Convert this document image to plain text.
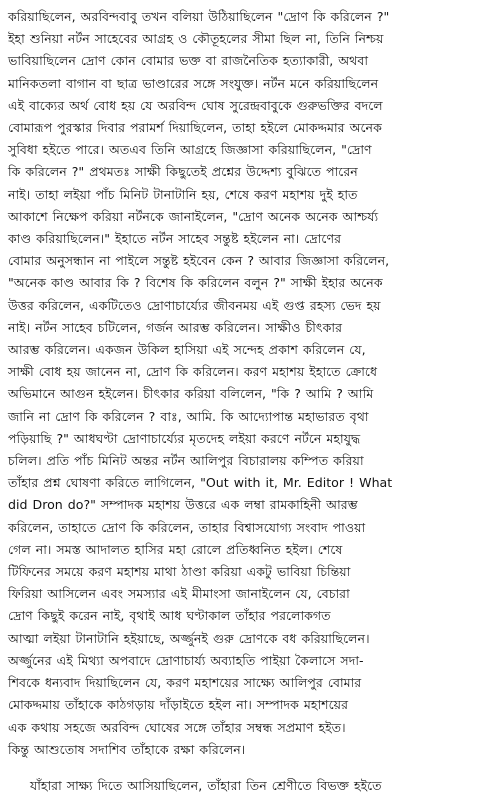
করিয়াছিলেন, অরবিন্দবাবু তখন বলিয়া উঠিয়াছিলেন "দ্রোণ কি করিলেন ?"
ইহা শুনিয়া নর্টন সাহেবের আগ্রহ ও কৌতূহলের সীমা ছিল না, তিনি নিশ্চয়
ভাবিয়াছিলেন দ্রোণ কোন বোমার ভক্ত বা রাজনৈতিক হত্যাকারী, অথবা
মানিকতলা বাগান বা ছাত্র ভাণ্ডারের সঙ্গে সংযুক্ত। নর্টন মনে করিয়াছিলেন
এই বাক্যের অর্থ বোধ হয় যে অরবিন্দ ঘোষ সুরেন্দ্রবাবুকে গুরুভক্তির বদলে
বোমারূপ পুরস্কার দিবার পরামর্শ দিয়াছিলেন, তাহা হইলে মোকদ্দমার অনেক
সুবিধা হইতে পারে। অতএব তিনি আগ্রহে জিজ্ঞাসা করিয়াছিলেন, "দ্রোণ
কি করিলেন ?" প্রথমতঃ সাক্ষী কিছুতেই প্রশ্নের উদ্দেশ্য বুঝিতে পারেন
নাই। তাহা লইয়া পাঁচ মিনিট টানাটানি হয়, শেষে করণ মহাশয় দুই হাত
আকাশে নিক্ষেপ করিয়া নর্টনকে জানাইলেন, "দ্রোণ অনেক অনেক আশ্চর্য্য
কাণ্ড করিয়াছিলেন।" ইহাতে নর্টন সাহেব সন্তুষ্ট হইলেন না। দ্রোণের
বোমার অনুসন্ধান না পাইলে সন্তুষ্ট হইবেন কেন ? আবার জিজ্ঞাসা করিলেন,
"অনেক কাণ্ড আবার কি ? বিশেষ কি করিলেন বলুন ?" সাক্ষী ইহার অনেক
উত্তর করিলেন, একটিতেও দ্রোণাচার্য্যের জীবনময় এই গুপ্ত রহস্য ভেদ হয়
নাই। নর্টন সাহেব চটিলেন, গর্জন আরম্ভ করিলেন। সাক্ষীও চীৎকার
আরম্ভ করিলেন। একজন উকিল হাসিয়া এই সন্দেহ প্রকাশ করিলেন যে,
সাক্ষী বোধ হয় জানেন না, দ্রোণ কি করিলেন। করণ মহাশয় ইহাতে ক্রোধে
অভিমানে আগুন হইলেন। চীৎকার করিয়া বলিলেন, "কি ? আমি ? আমি
জানি না দ্রোণ কি করিলেন ? বাঃ, আমি. কি আদ্যোপান্ত মহাভারত বৃথা
পড়িয়াছি ?" আধঘণ্টা দ্রোণাচার্য্যের মৃতদেহ লইয়া করণে নর্টনে মহাযুদ্ধ
চলিল। প্রতি পাঁচ মিনিট অন্তর নর্টন আলিপুর বিচারালয় কম্পিত করিয়া
তাঁহার প্রশ্ন ঘোষণা করিতে লাগিলেন, "Out with it, Mr. Editor ! What
did Dron do?" সম্পাদক মহাশয় উত্তরে এক লম্বা রামকাহিনী আরম্ভ
করিলেন, তাহাতে দ্রোণ কি করিলেন, তাহার বিশ্বাসযোগ্য সংবাদ পাওয়া
গেল না। সমস্ত আদালত হাসির মহা রোলে প্রতিধ্বনিত হইল। শেষে
টিফিনের সময়ে করণ মহাশয় মাথা ঠাণ্ডা করিয়া একটু ভাবিয়া চিন্তিয়া
ফিরিয়া আসিলেন এবং সমস্যার এই মীমাংসা জানাইলেন যে, বেচারা
দ্রোণ কিছুই করেন নাই, বৃথাই আধ ঘণ্টাকাল তাঁহার পরলোকগত
আত্মা লইয়া টানাটানি হইয়াছে, অর্জ্জুনই গুরু দ্রোণকে বধ করিয়াছিলেন।
অর্জ্জুনের এই মিথ্যা অপবাদে দ্রোণাচার্য্য অব্যাহতি পাইয়া কৈলাসে সদা-
শিবকে ধন্যবাদ দিয়াছিলেন যে, করণ মহাশয়ের সাক্ষ্যে আলিপুর বোমার
মোকদ্দমায় তাঁহাকে কাঠগড়ায় দাঁড়াইতে হইল না। সম্পাদক মহাশয়ের
এক কথায় সহজে অরবিন্দ ঘোষের সঙ্গে তাঁহার সম্বন্ধ সপ্রমাণ হইত।
কিন্তু আশুতোষ সদাশিব তাঁহাকে রক্ষা করিলেন।
যাঁহারা সাক্ষ্য দিতে আসিয়াছিলেন, তাঁহারা তিন শ্রেণীতে বিভক্ত হইতে
